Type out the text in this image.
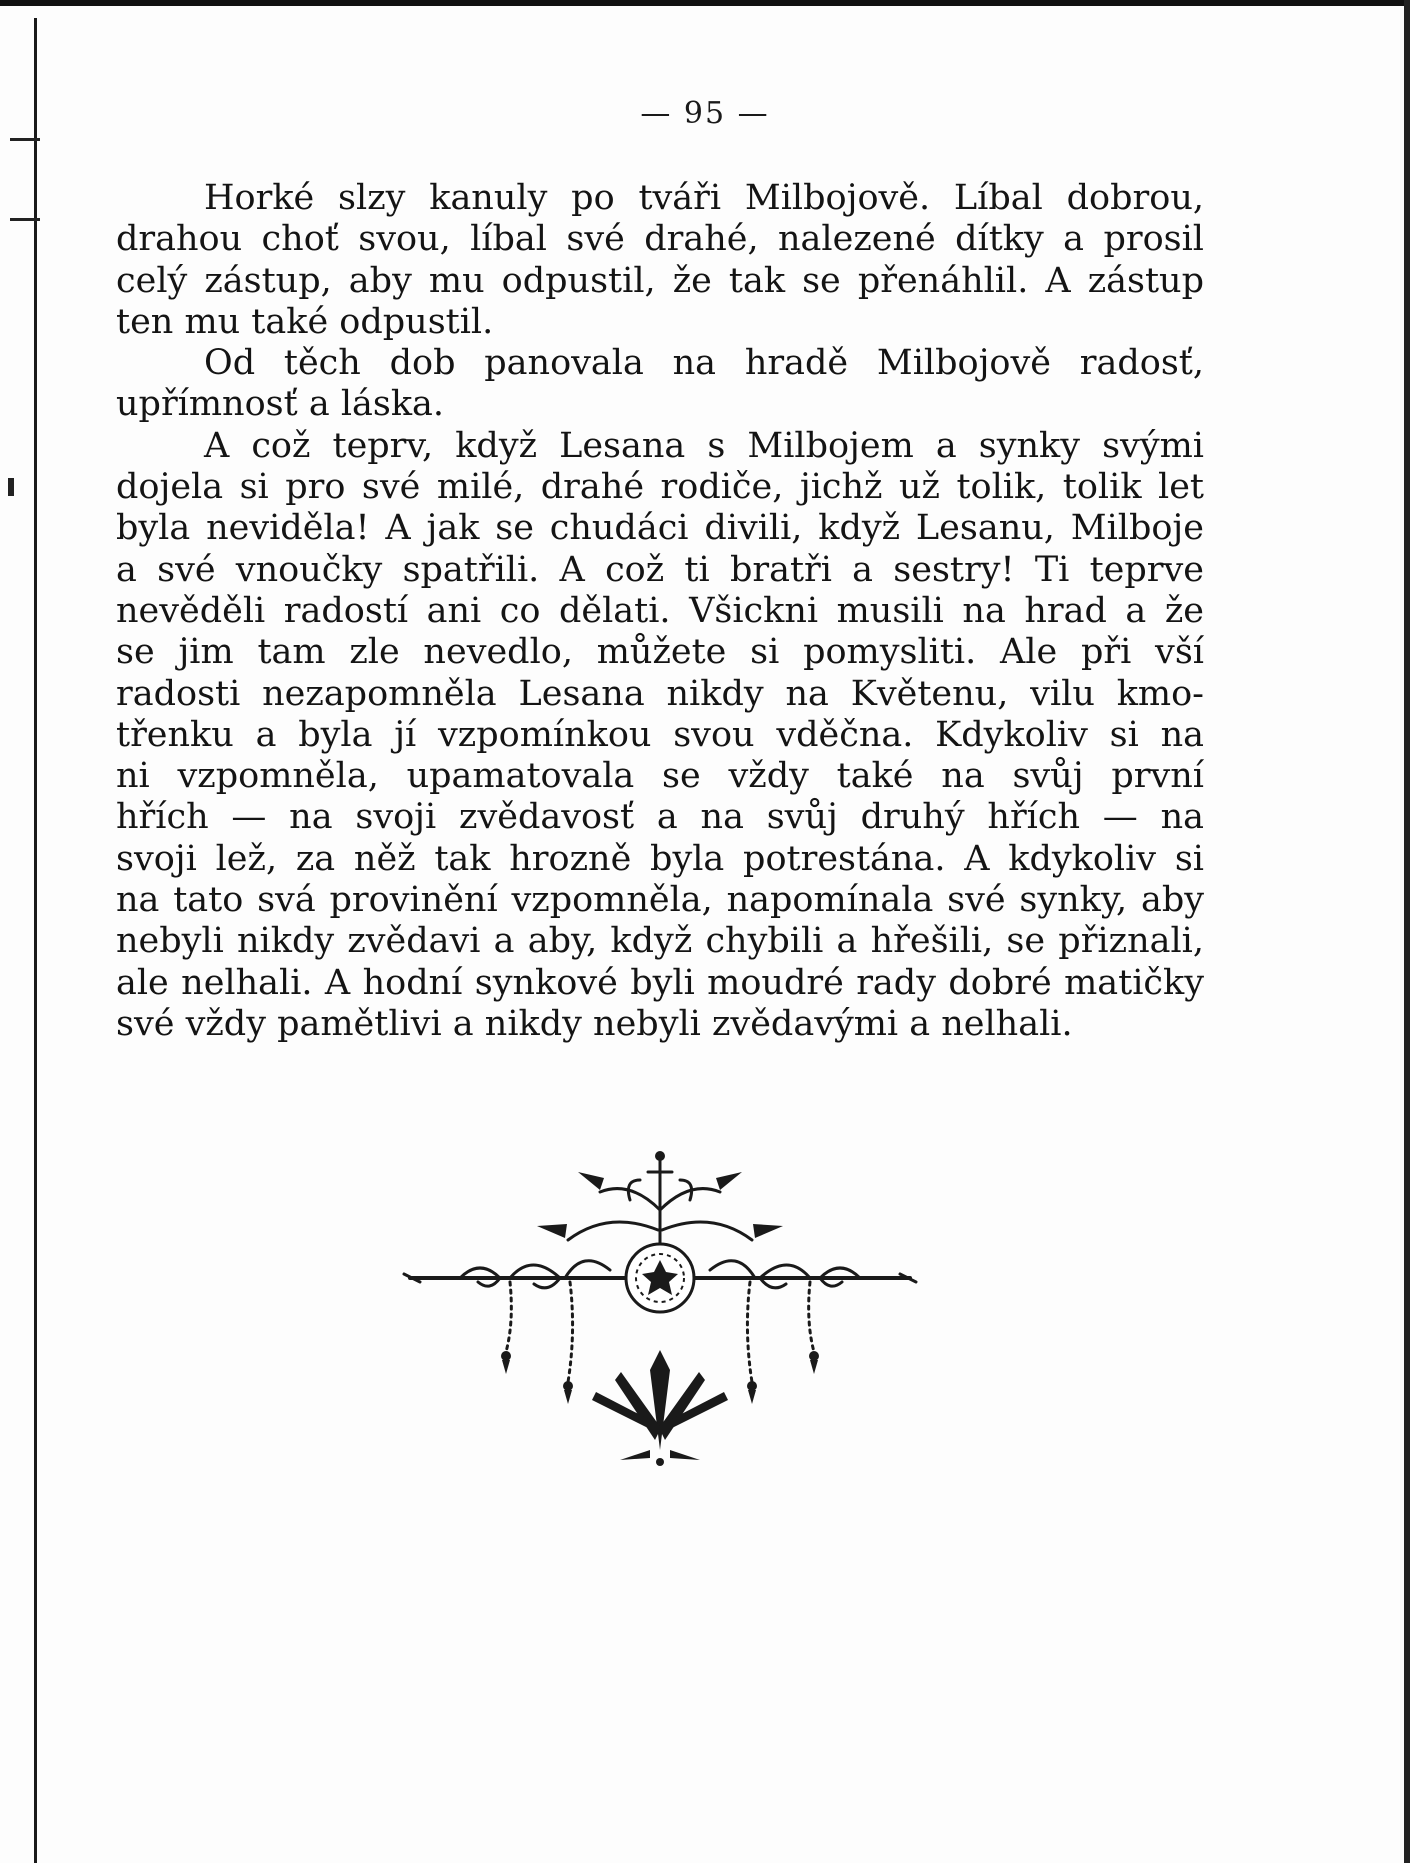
— 95 —
Horké slzy kanuly po tváři Milbojově. Líbal dobrou,
drahou choť svou, líbal své drahé, nalezené dítky a prosil
celý zástup, aby mu odpustil, že tak se přenáhlil. A zástup
ten mu také odpustil.
Od těch dob panovala na hradě Milbojově radosť,
upřímnosť a láska.
A což teprv, když Lesana s Milbojem a synky svými
dojela si pro své milé, drahé rodiče, jichž už tolik, tolik let
byla neviděla! A jak se chudáci divili, když Lesanu, Milboje
a své vnoučky spatřili. A což ti bratři a sestry! Ti teprve
nevěděli radostí ani co dělati. Všickni musili na hrad a že
se jim tam zle nevedlo, můžete si pomysliti. Ale při vší
radosti nezapomněla Lesana nikdy na Květenu, vilu kmo-
třenku a byla jí vzpomínkou svou vděčna. Kdykoliv si na
ni vzpomněla, upamatovala se vždy také na svůj první
hřích — na svoji zvědavosť a na svůj druhý hřích — na
svoji lež, za něž tak hrozně byla potrestána. A kdykoliv si
na tato svá provinění vzpomněla, napomínala své synky, aby
nebyli nikdy zvědavi a aby, když chybili a hřešili, se přiznali,
ale nelhali. A hodní synkové byli moudré rady dobré matičky
své vždy pamětlivi a nikdy nebyli zvědavými a nelhali.
